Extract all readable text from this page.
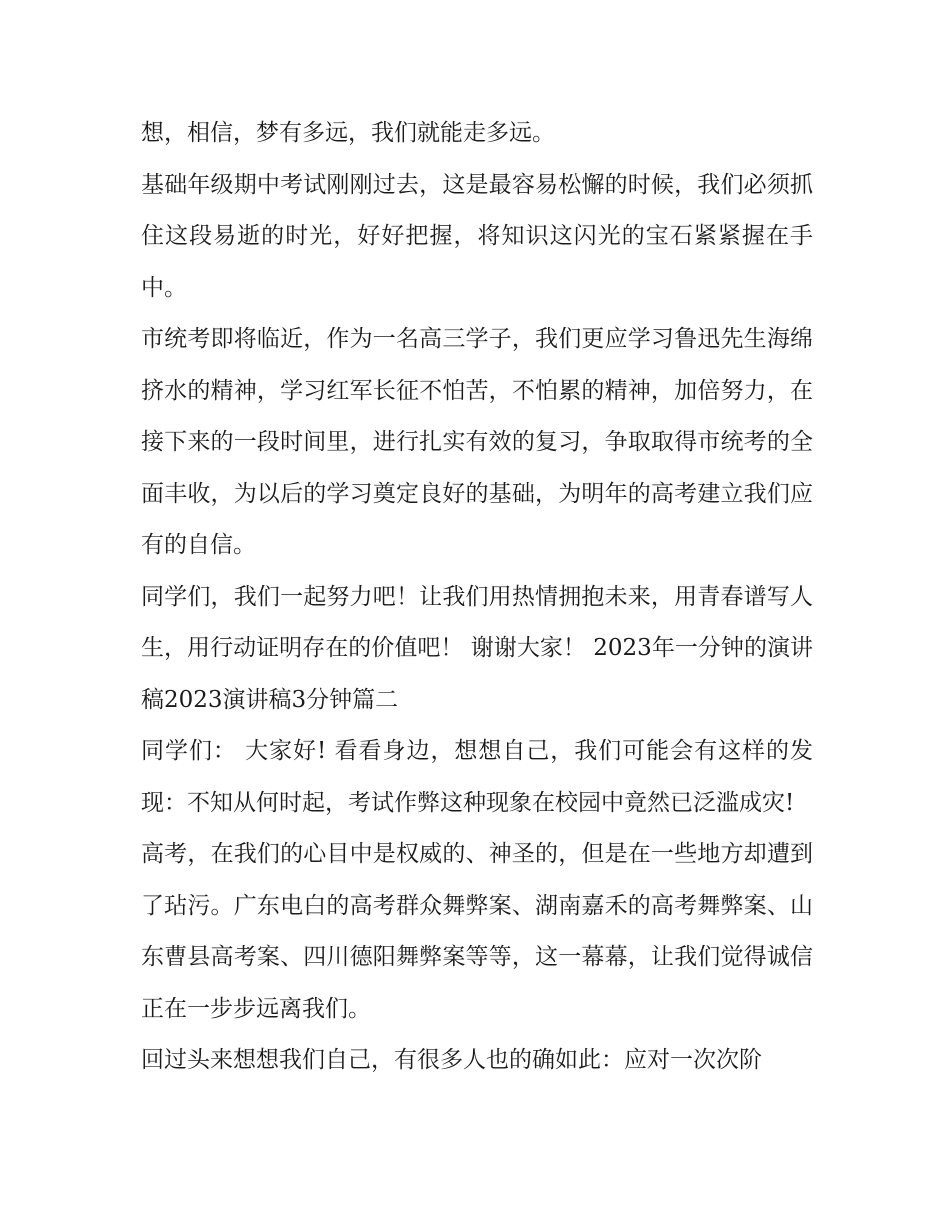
想，相信，梦有多远，我们就能走多远。

基础年级期中考试刚刚过去，这是最容易松懈的时候，我们必须抓住这段易逝的时光，好好把握，将知识这闪光的宝石紧紧握在手中。

市统考即将临近，作为一名高三学子，我们更应学习鲁迅先生海绵挤水的精神，学习红军长征不怕苦，不怕累的精神，加倍努力，在接下来的一段时间里，进行扎实有效的复习，争取取得市统考的全面丰收，为以后的学习奠定良好的基础，为明年的高考建立我们应有的自信。

同学们，我们一起努力吧！让我们用热情拥抱未来，用青春谱写人生，用行动证明存在的价值吧！ 谢谢大家！ 2023年一分钟的演讲稿2023演讲稿3分钟篇二

同学们： 大家好! 看看身边，想想自己，我们可能会有这样的发现：不知从何时起，考试作弊这种现象在校园中竟然已泛滥成灾!

高考，在我们的心目中是权威的、神圣的，但是在一些地方却遭到了玷污。广东电白的高考群众舞弊案、湖南嘉禾的高考舞弊案、山东曹县高考案、四川德阳舞弊案等等，这一幕幕，让我们觉得诚信正在一步步远离我们。

回过头来想想我们自己，有很多人也的确如此：应对一次次阶
